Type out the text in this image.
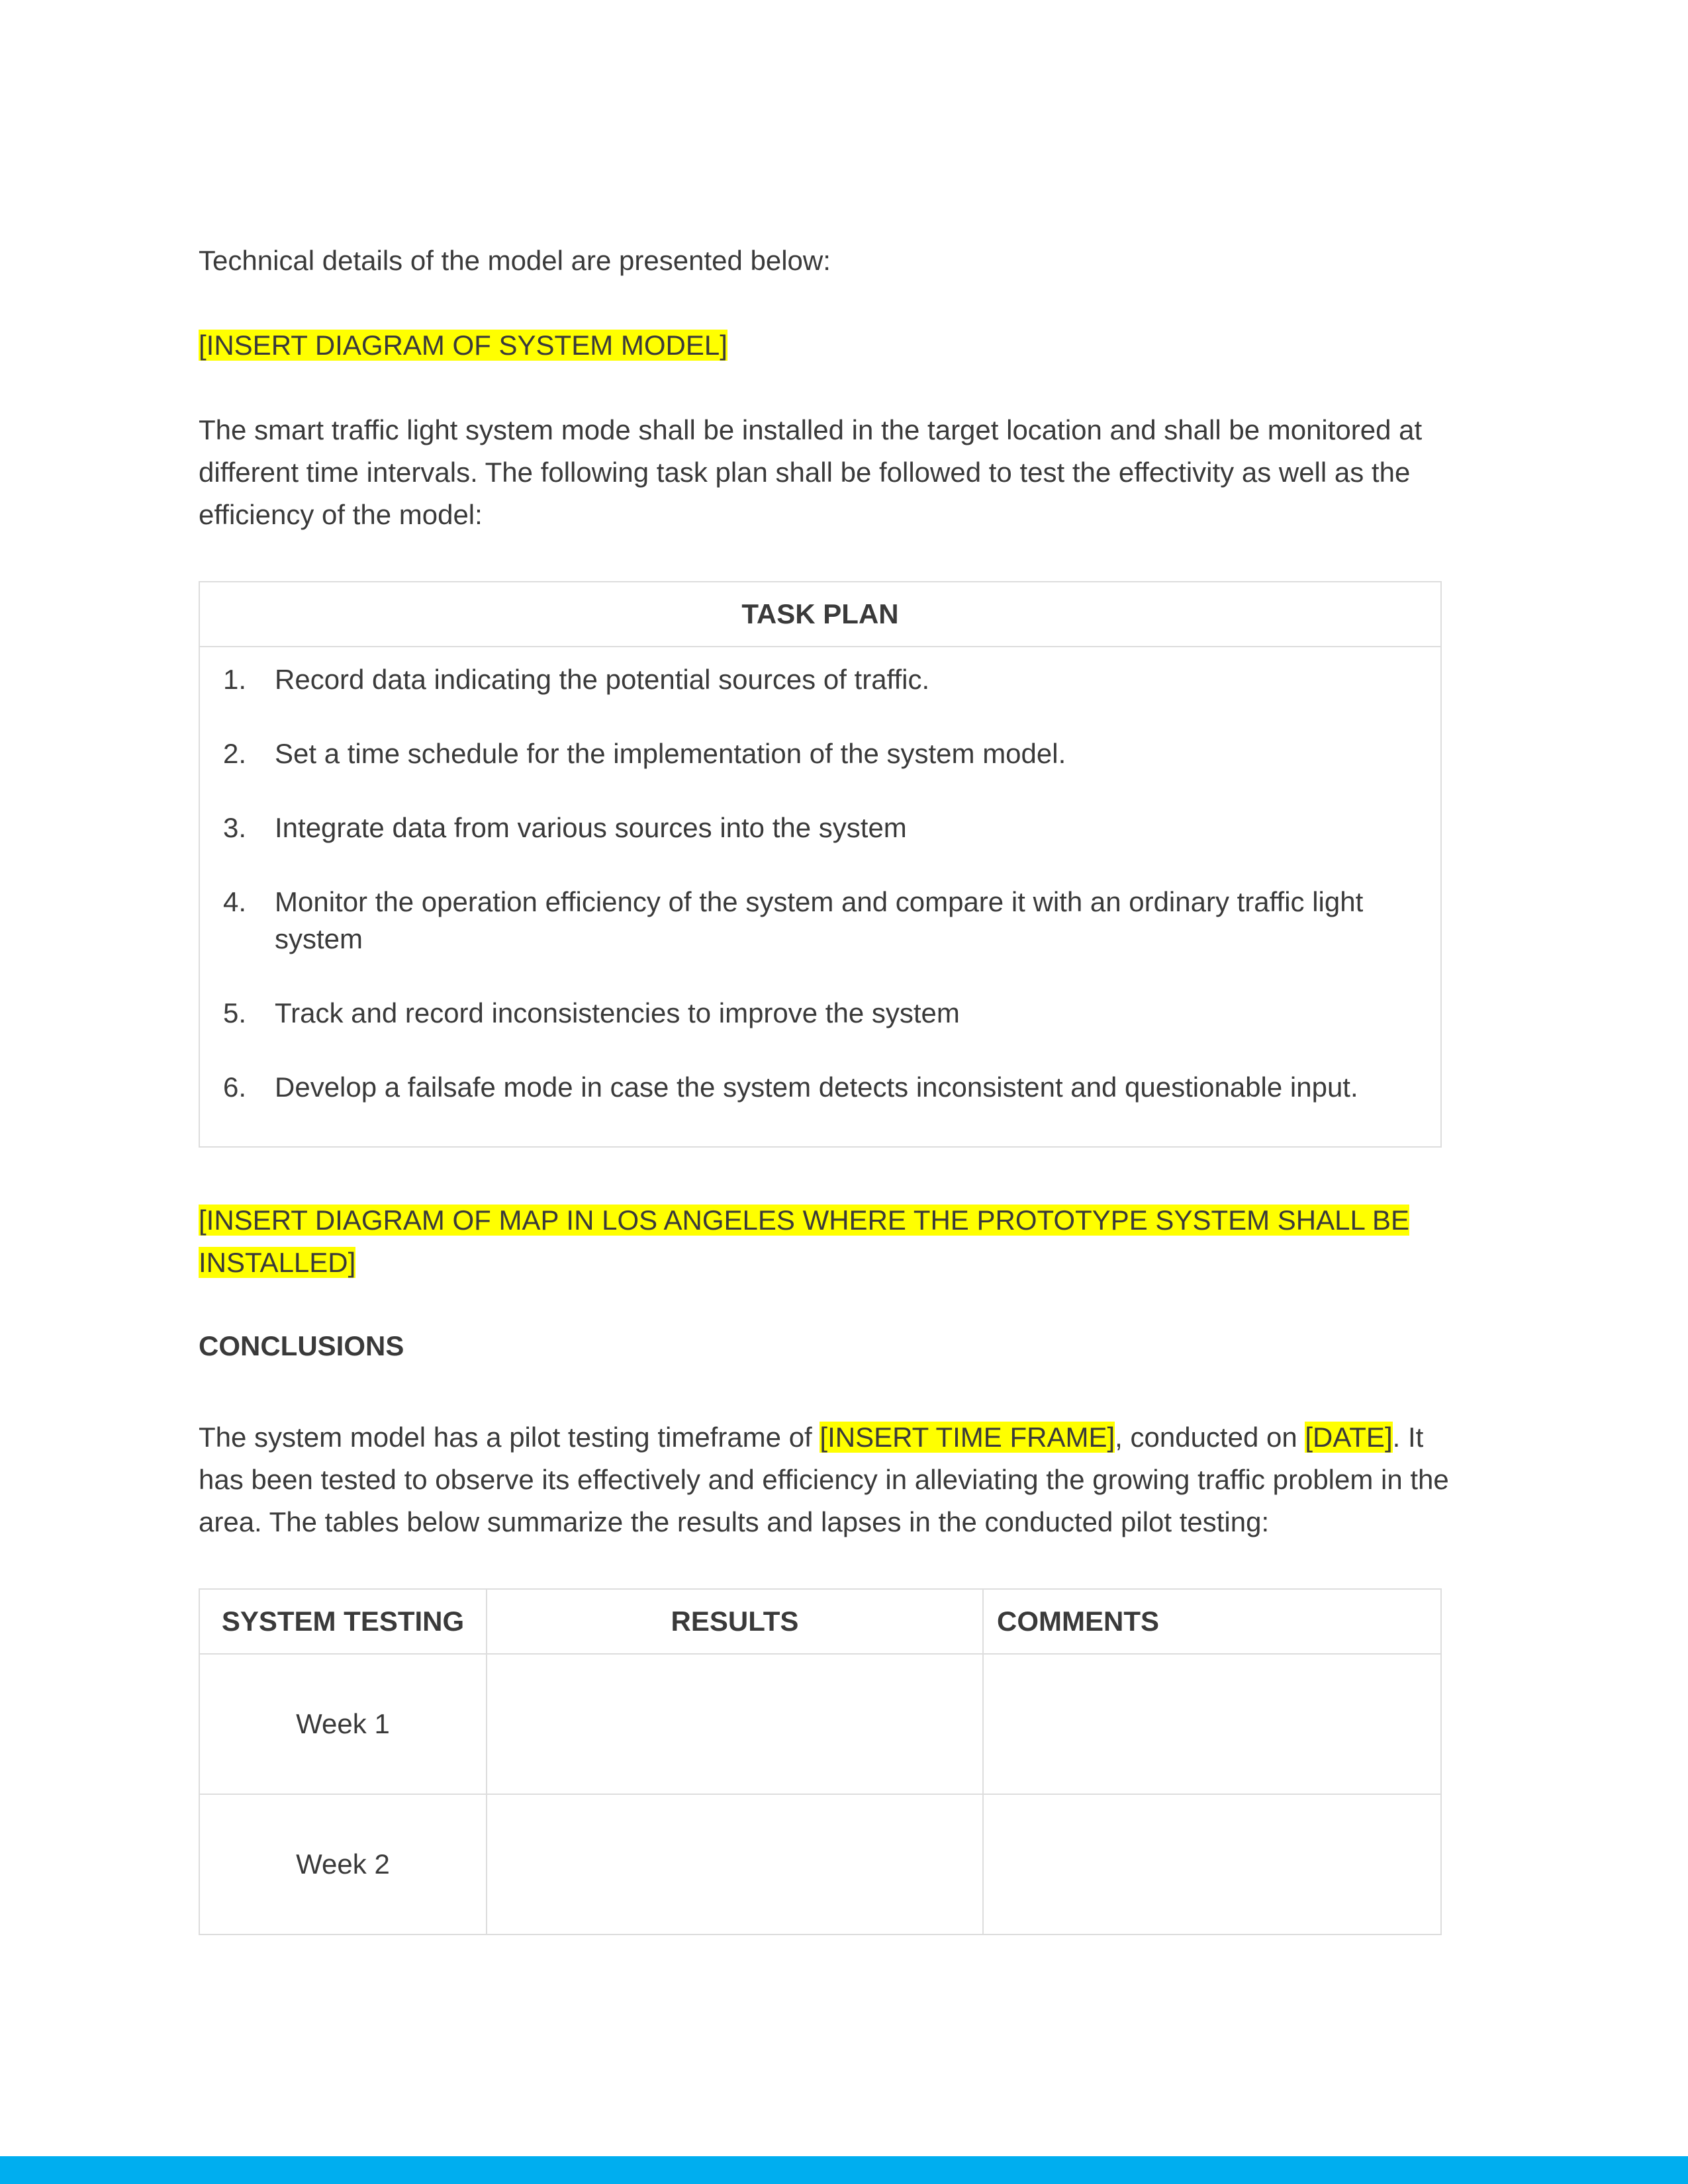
Technical details of the model are presented below:

[INSERT DIAGRAM OF SYSTEM MODEL]

The smart traffic light system mode shall be installed in the target location and shall be monitored at different time intervals. The following task plan shall be followed to test the effectivity as well as the efficiency of the model:

TASK PLAN

1. Record data indicating the potential sources of traffic.
2. Set a time schedule for the implementation of the system model.
3. Integrate data from various sources into the system
4. Monitor the operation efficiency of the system and compare it with an ordinary traffic light system
5. Track and record inconsistencies to improve the system
6. Develop a failsafe mode in case the system detects inconsistent and questionable input.

[INSERT DIAGRAM OF MAP IN LOS ANGELES WHERE THE PROTOTYPE SYSTEM SHALL BE INSTALLED]

CONCLUSIONS

The system model has a pilot testing timeframe of [INSERT TIME FRAME], conducted on [DATE]. It has been tested to observe its effectively and efficiency in alleviating the growing traffic problem in the area. The tables below summarize the results and lapses in the conducted pilot testing:

SYSTEM TESTING	RESULTS	COMMENTS
Week 1		
Week 2		
